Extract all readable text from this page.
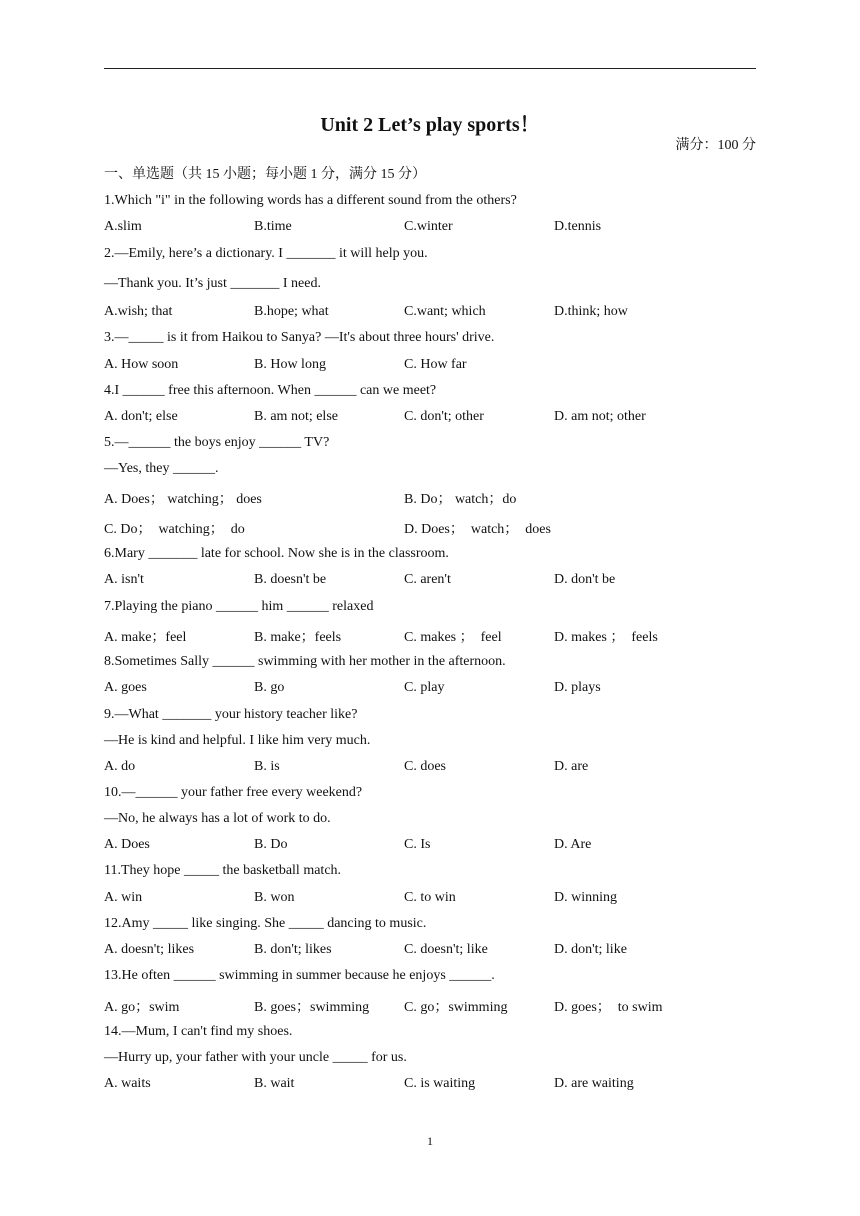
Unit 2 Let’s play sports！
满分：100 分
一、单选题（共 15 小题；每小题 1 分，满分 15 分）
1.Which "i" in the following words has a different sound from the others?
A.slim	B.time	C.winter	D.tennis
2.—Emily, here’s a dictionary. I _______ it will help you.
—Thank you. It’s just _______ I need.
A.wish; that	B.hope; what	C.want; which	D.think; how
3.—_____ is it from Haikou to Sanya? —It's about three hours' drive.
A. How soon	B. How long	C. How far
4.I ______ free this afternoon. When ______ can we meet?
A. don't; else	B. am not; else	C. don't; other	D. am not; other
5.—______ the boys enjoy ______ TV?
—Yes, they ______.
A. Does； watching； does	B. Do； watch；do
C. Do；  watching；  do	D. Does；  watch；  does
6.Mary _______ late for school. Now she is in the classroom.
A. isn't	B. doesn't be	C. aren't	D. don't be
7.Playing the piano ______ him ______ relaxed
A. make；feel	B. make；feels	C. makes ；  feel	D. makes ；  feels
8.Sometimes Sally ______ swimming with her mother in the afternoon.
A. goes	B. go	C. play	D. plays
9.—What _______ your history teacher like?
—He is kind and helpful. I like him very much.
A. do	B. is	C. does	D. are
10.—______ your father free every weekend?
—No, he always has a lot of work to do.
A. Does	B. Do	C. Is	D. Are
11.They hope _____ the basketball match.
A. win	B. won	C. to win	D. winning
12.Amy _____ like singing. She _____ dancing to music.
A. doesn't; likes	B. don't; likes	C. doesn't; like	D. don't; like
13.He often ______ swimming in summer because he enjoys ______.
A. go；swim	B. goes；swimming C. go；swimming	D. goes；  to swim
14.—Mum, I can't find my shoes.
—Hurry up, your father with your uncle _____ for us.
A. waits	B. wait	C. is waiting	D. are waiting
1
